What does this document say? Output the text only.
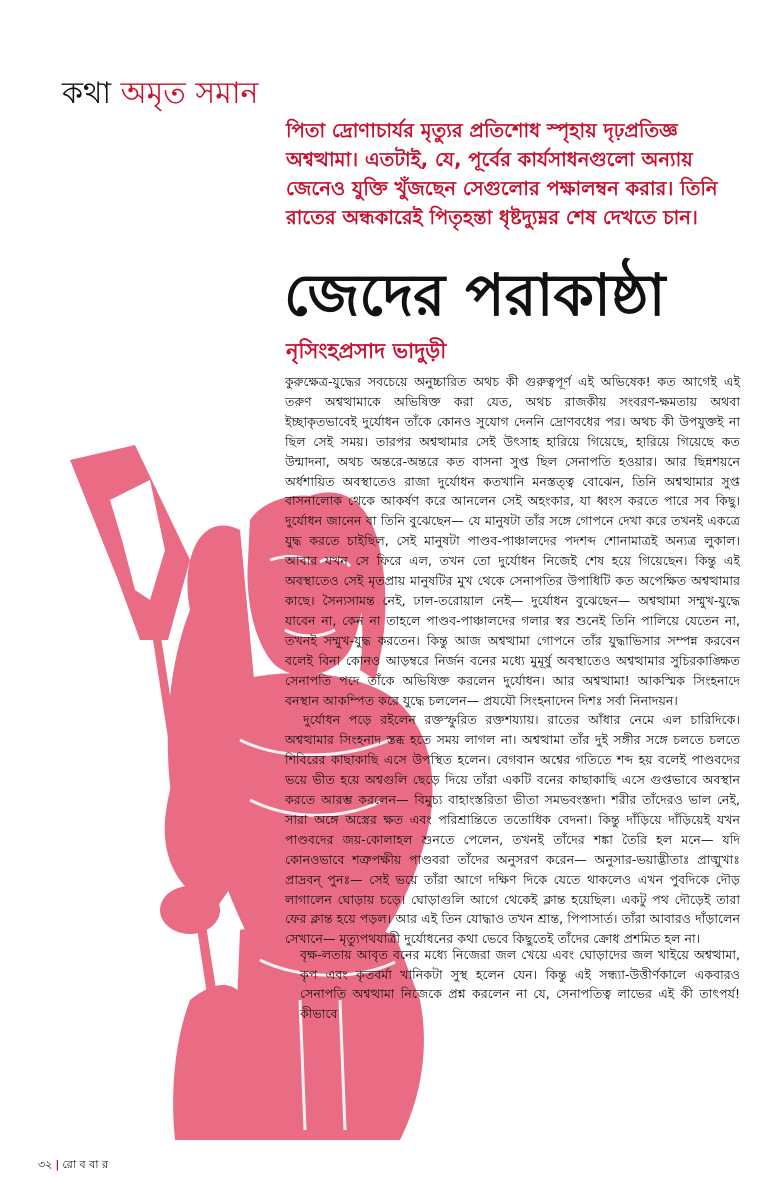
কথা অমৃত সমান
পিতা দ্রোণাচার্যর মৃত্যুর প্রতিশোধ স্পৃহায় দৃঢ়প্রতিজ্ঞ অশ্বত্থামা। এতটাই, যে, পূর্বের কার্যসাধনগুলো অন্যায় জেনেও যুক্তি খুঁজছেন সেগুলোর পক্ষালম্বন করার। তিনি রাতের অন্ধকারেই পিতৃহন্তা ধৃষ্টদ্যুম্নর শেষ দেখতে চান।
জেদের পরাকাষ্ঠা
নৃসিংহপ্রসাদ ভাদুড়ী

কুরুক্ষেত্র-যুদ্ধের সবচেয়ে অনুচ্চারিত অথচ কী গুরুত্বপূর্ণ এই অভিষেক! কত আগেই এই তরুণ অশ্বত্থামাকে অভিষিক্ত করা যেত, অথচ রাজকীয় সংবরণ-ক্ষমতায় অথবা ইচ্ছাকৃতভাবেই দুর্যোধন তাঁকে কোনও সুযোগ দেননি দ্রোণবধের পর। অথচ কী উপযুক্তই না ছিল সেই সময়। তারপর অশ্বত্থামার সেই উৎসাহ হারিয়ে গিয়েছে, হারিয়ে গিয়েছে কত উন্মাদনা, অথচ অন্তরে-অন্তরে কত বাসনা সুপ্ত ছিল সেনাপতি হওয়ার। আর ছিন্নশয়নে অর্ধশায়িত অবস্থাতেও রাজা দুর্যোধন কতখানি মনস্তত্ত্ব বোঝেন, তিনি অশ্বত্থামার সুপ্ত বাসনালোক থেকে আকর্ষণ করে আনলেন সেই অহংকার, যা ধ্বংস করতে পারে সব কিছু। দুর্যোধন জানেন বা তিনি বুঝেছেন— যে মানুষটা তাঁর সঙ্গে গোপনে দেখা করে তখনই একত্রে যুদ্ধ করতে চাইছিল, সেই মানুষটা পাণ্ডব-পাঞ্চালদের পদশব্দ শোনামাত্রই অন্যত্র লুকাল। আবার যখন সে ফিরে এল, তখন তো দুর্যোধন নিজেই শেষ হয়ে গিয়েছেন। কিন্তু এই অবস্থাতেও সেই মৃতপ্রায় মানুষটির মুখ থেকে সেনাপতির উপাধিটি কত অপেক্ষিত অশ্বত্থামার কাছে। সৈন্যসামন্ত নেই, ঢাল-তরোয়াল নেই— দুর্যোধন বুঝেছেন— অশ্বত্থামা সম্মুখ-যুদ্ধে যাবেন না, কেন না তাহলে পাণ্ডব-পাঞ্চালদের গলার স্বর শুনেই তিনি পালিয়ে যেতেন না, তখনই সম্মুখ-যুদ্ধ করতেন। কিন্তু আজ অশ্বত্থামা গোপনে তাঁর যুদ্ধাভিসার সম্পন্ন করবেন বলেই বিনা কোনও আড়ম্বরে নির্জন বনের মধ্যে মুমূর্ষু অবস্থাতেও অশ্বত্থামার সুচিরকাঙ্ক্ষিত সেনাপতি পদে তাঁকে অভিষিক্ত করলেন দুর্যোধন। আর অশ্বত্থামা! আকস্মিক সিংহনাদে বনস্থান আকম্পিত করে যুদ্ধে চললেন— প্রযযৌ সিংহনাদেন দিশঃ সর্বা নিনাদয়ন।

দুর্যোধন পড়ে রইলেন রক্তস্ফুরিত রক্তশয্যায়। রাতের আঁধার নেমে এল চারিদিকে। অশ্বত্থামার সিংহনাদ স্তব্ধ হতে সময় লাগল না। অশ্বত্থামা তাঁর দুই সঙ্গীর সঙ্গে চলতে চলতে শিবিরের কাছাকাছি এসে উপস্থিত হলেন। বেগবান অশ্বের গতিতে শব্দ হয় বলেই পাণ্ডবদের ভয়ে ভীত হয়ে অশ্বগুলি ছেড়ে দিয়ে তাঁরা একটি বনের কাছাকাছি এসে গুপ্তভাবে অবস্থান করতে আরম্ভ করলেন— বিমুচ্য বাহাংস্তরিতা ভীতা সমভবংস্তদা। শরীর তাঁদেরও ভাল নেই, সারা অঙ্গে অস্ত্রের ক্ষত এবং পরিশ্রান্তিতে ততোধিক বেদনা। কিন্তু দাঁড়িয়ে দাঁড়িয়েই যখন পাণ্ডবদের জয়-কোলাহল শুনতে পেলেন, তখনই তাঁদের শঙ্কা তৈরি হল মনে— যদি কোনওভাবে শত্রুপক্ষীয় পাণ্ডবরা তাঁদের অনুসরণ করেন— অনুসার-ভয়াদ্ভীতাঃ প্রাঙ্মুখাঃ প্রাদ্রবন্ পুনঃ— সেই ভয়ে তাঁরা আগে দক্ষিণ দিকে যেতে থাকলেও এখন পুবদিকে দৌড় লাগালেন ঘোড়ায় চড়ে। ঘোড়াগুলি আগে থেকেই ক্লান্ত হয়েছিল। একটু পথ দৌড়েই তারা ফের ক্লান্ত হয়ে পড়ল। আর এই তিন যোদ্ধাও তখন শ্রান্ত, পিপাসার্ত। তাঁরা আবারও দাঁড়ালেন সেখানে— মৃত্যুপথযাত্রী দুর্যোধনের কথা ভেবে কিছুতেই তাঁদের ক্রোধ প্রশমিত হল না।

বৃক্ষ-লতায় আবৃত বনের মধ্যে নিজেরা জল খেয়ে এবং ঘোড়াদের জল খাইয়ে অশ্বত্থামা, কৃপ এবং কৃতবর্মা খানিকটা সুস্থ হলেন যেন। কিন্তু এই সন্ধ্যা-উত্তীর্ণকালে একবারও সেনাপতি অশ্বত্থামা নিজেকে প্রশ্ন করলেন না যে, সেনাপতিত্ব লাভের এই কী তাৎপর্য! কীভাবে

৩২ | রো ব বা র
